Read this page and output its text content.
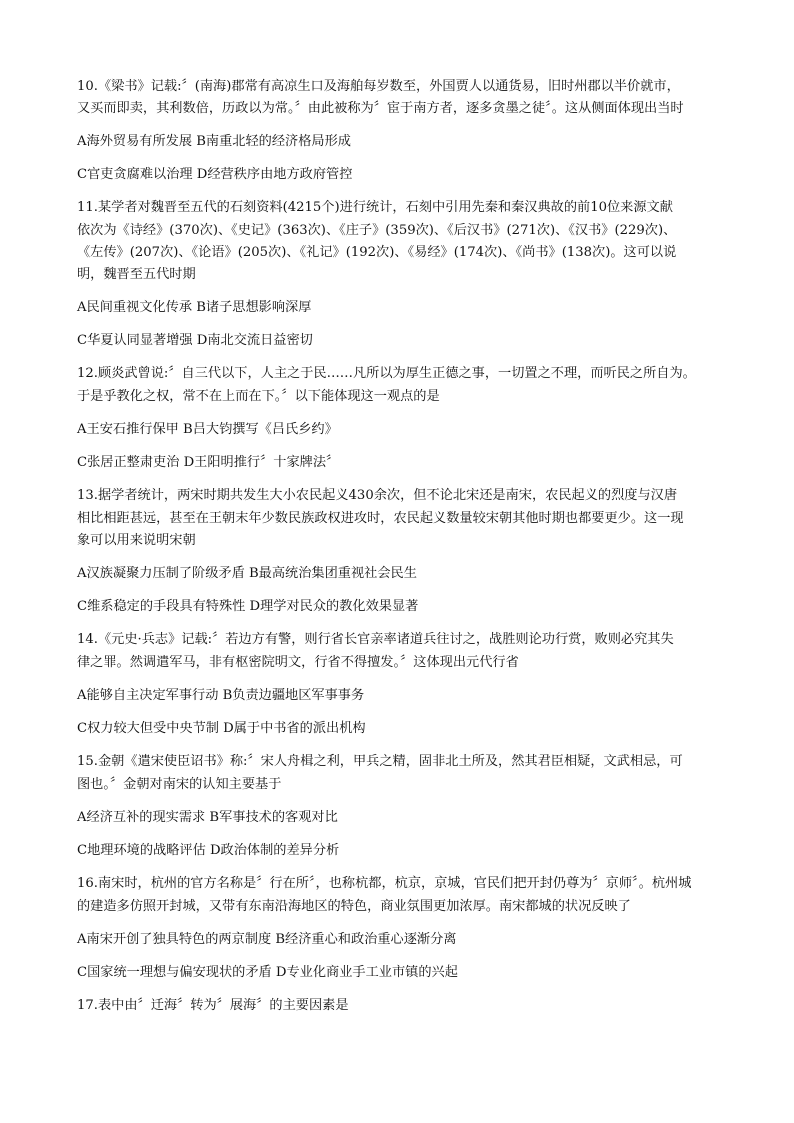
10.《梁书》记载:〞(南海)郡常有高凉生口及海舶每岁数至，外国贾人以通货易，旧时州郡以半价就市，
又买而即卖，其利数倍，历政以为常。〞由此被称为〞宦于南方者，逐多贪墨之徒〞。这从侧面体现出当时
A海外贸易有所发展 B南重北轻的经济格局形成
C官吏贪腐难以治理 D经营秩序由地方政府管控
11.某学者对魏晋至五代的石刻资料(4215个)进行统计，石刻中引用先秦和秦汉典故的前10位来源文献
依次为《诗经》(370次)、《史记》(363次)、《庄子》(359次)、《后汉书》(271次)、《汉书》(229次)、
《左传》(207次)、《论语》(205次)、《礼记》(192次)、《易经》(174次)、《尚书》(138次)。这可以说
明，魏晋至五代时期
A民间重视文化传承 B诸子思想影响深厚
C华夏认同显著增强 D南北交流日益密切
12.顾炎武曾说:〞自三代以下，人主之于民……凡所以为厚生正德之事，一切置之不理，而听民之所自为。
于是乎教化之权，常不在上而在下。〞以下能体现这一观点的是
A王安石推行保甲 B吕大钧撰写《吕氏乡约》
C张居正整肃吏治 D王阳明推行〞十家牌法〞
13.据学者统计，两宋时期共发生大小农民起义430余次，但不论北宋还是南宋，农民起义的烈度与汉唐
相比相距甚远，甚至在王朝末年少数民族政权进攻时，农民起义数量较宋朝其他时期也都要更少。这一现
象可以用来说明宋朝
A汉族凝聚力压制了阶级矛盾 B最高统治集团重视社会民生
C维系稳定的手段具有特殊性 D理学对民众的教化效果显著
14.《元史·兵志》记载:〞若边方有警，则行省长官亲率诸道兵往讨之，战胜则论功行赏，败则必究其失
律之罪。然调遣军马，非有枢密院明文，行省不得擅发。〞这体现出元代行省
A能够自主决定军事行动 B负责边疆地区军事事务
C权力较大但受中央节制 D属于中书省的派出机构
15.金朝《遣宋使臣诏书》称:〞宋人舟楫之利，甲兵之精，固非北土所及，然其君臣相疑，文武相忌，可
图也。〞金朝对南宋的认知主要基于
A经济互补的现实需求 B军事技术的客观对比
C地理环境的战略评估 D政治体制的差异分析
16.南宋时，杭州的官方名称是〞行在所〞，也称杭都，杭京，京城，官民们把开封仍尊为〞京师〞。杭州城
的建造多仿照开封城，又带有东南沿海地区的特色，商业氛围更加浓厚。南宋都城的状况反映了
A南宋开创了独具特色的两京制度 B经济重心和政治重心逐渐分离
C国家统一理想与偏安现状的矛盾 D专业化商业手工业市镇的兴起
17.表中由〞迁海〞转为〞展海〞的主要因素是
